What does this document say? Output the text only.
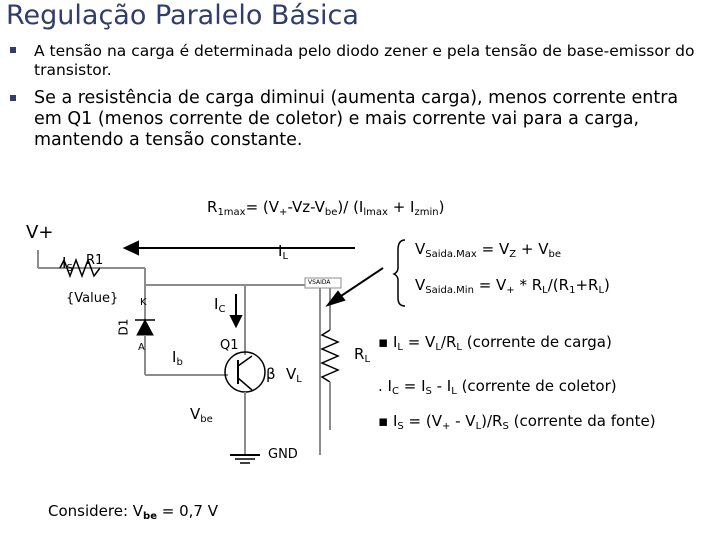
Regulação Paralelo Básica
A tensão na carga é determinada pelo diodo zener e pela tensão de base-emissor do transistor.
Se a resistência de carga diminui (aumenta carga), menos corrente entra em Q1 (menos corrente de coletor) e mais corrente vai para a carga, mantendo a tensão constante.
V+
R1
{Value}
D1
K
A	Q1
GND
VSAIDA
$I_S$
$I_L$
$I_C$
$I_b$
$V_{be}$
β $V_L$
$R_L$
$R_{1max}= (V_+-Vz-V_{be})/$ $(I_{lmax} + I_{zmin})$
$V_{Saida.Max} = V_Z + V_{be}$
$V_{Saida.Min} = V_+ * R_L/(R_1+R_L)$
▪ $I_L = V_L/R_L$ (corrente de carga)
. $I_C = I_S - I_L$ (corrente de coletor)
▪ $I_S = (V_+ - V_L)/R_S$ (corrente da fonte)
Considere: $V_{be} = 0,7$ V
